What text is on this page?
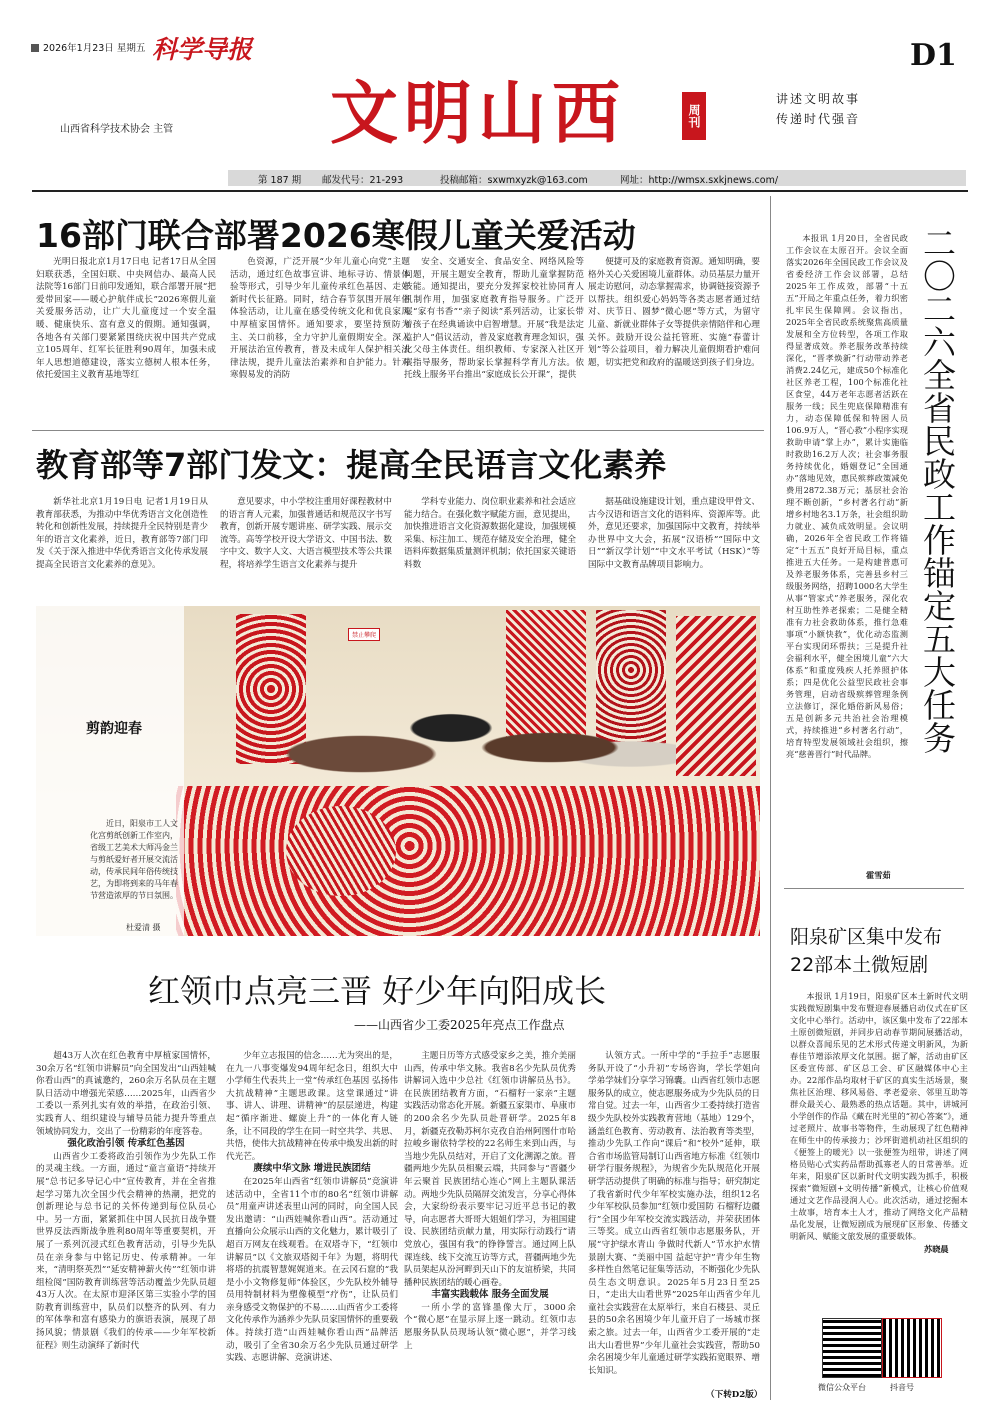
2026年1月23日 星期五 科学导报
山西省科学技术协会 主管 文明山西	周刊
D1
讲述文明故事
传递时代强音
第 187 期 邮发代号：21-293	投稿邮箱：sxwmxyzk@163.com	网址：http://wmsx.sxkjnews.com/
16部门联合部署2026寒假儿童关爱活动

光明日报北京1月17日电 记者17日从全国妇联获悉，全国妇联、中央网信办、最高人民法院等16部门日前印发通知，联合部署开展“把爱带回家——暖心护航伴成长”2026寒假儿童关爱服务活动，让广大儿童度过一个安全温暖、健康快乐、富有意义的假期。通知强调，各地各有关部门要紧紧围绕庆祝中国共产党成立105周年、红军长征胜利90周年，加强未成年人思想道德建设，落实立德树人根本任务，依托爱国主义教育基地等红

色资源，广泛开展“少年儿童心向党”主题活动，通过红色故事宣讲、地标寻访、情景体验等形式，引导少年儿童传承红色基因、走好新时代长征路。同时，结合春节氛围开展年俗体验活动，让儿童在感受传统文化和优良家风中厚植家国情怀。通知要求，要坚持预防为主、关口前移，全力守护儿童假期安全。深入开展法治宣传教育，普及未成年人保护相关法律法规，提升儿童法治素养和自护能力。针对寒假易发的消防

安全、交通安全、食品安全、网络风险等问题，开展主题安全教育，帮助儿童掌握防范技能。通知提出，要充分发挥家校社协同育人机制作用，加强家庭教育指导服务。广泛开展“家有书香”“亲子阅读”系列活动，让家长带着孩子在经典诵读中启智增慧。开展“我是法定监护人”倡议活动，普及家庭教育理念知识，强化父母主体责任。组织教师、专家深入社区开展指导服务，帮助家长掌握科学育儿方法。依托线上服务平台推出“家庭成长公开课”，提供

便捷可及的家庭教育资源。通知明确，要格外关心关爱困境儿童群体。动员基层力量开展走访慰问，动态掌握需求，协调链接资源予以帮扶。组织爱心妈妈等各类志愿者通过结对、庆节日、圆梦“微心愿”等方式，为留守儿童、新就业群体子女等提供亲情陪伴和心理关怀。鼓励开设公益托管班、实施“春蕾计划”等公益项目，着力解决儿童假期看护难问题，切实把党和政府的温暖送到孩子们身边。

教育部等7部门发文：提高全民语言文化素养

新华社北京1月19日电 记者1月19日从教育部获悉，为推动中华优秀语言文化创造性转化和创新性发展，持续提升全民特别是青少年的语言文化素养，近日，教育部等7部门印发《关于深入推进中华优秀语言文化传承发展 提高全民语言文化素养的意见》。

意见要求，中小学校注重用好课程教材中的语言育人元素，加强普通话和规范汉字书写教育，创新开展专题讲座、研学实践、展示交流等。高等学校开设大学语文、中国书法、数字中文、数字人文、大语言模型技术等公共课程，将培养学生语言文化素养与提升

学科专业能力、岗位职业素养和社会适应能力结合。在强化数字赋能方面，意见提出，加快推进语言文化资源数据化建设，加强规模采集、标注加工、规范存储及安全治理，健全语料库数据集质量测评机制；依托国家关键语料数

据基础设施建设计划，重点建设甲骨文、古今汉语和语言文化的语料库、资源库等。此外，意见还要求，加强国际中文教育，持续举办世界中文大会，拓展“汉语桥”“国际中文日”“新汉学计划”“中文水平考试（HSK）”等国际中文教育品牌项目影响力。

禁止攀爬
剪韵迎春
近日，阳泉市工人文化宫剪纸创新工作室内，省级工艺美术大师冯金兰与剪纸爱好者开展交流活动，传承民间年俗传统技艺，为即将到来的马年春节营造浓厚的节日氛围。
杜爱清 摄
红领巾点亮三晋 好少年向阳成长
——山西省少工委2025年亮点工作盘点

超43万人次在红色教育中厚植家国情怀，30余万名“红领巾讲解员”向全国发出“山西娃喊你看山西”的真诚邀约，260余万名队员在主题队日活动中增强光荣感……2025年，山西省少工委以一系列扎实有效的举措，在政治引领、实践育人、组织建设与辅导员能力提升等重点领域协同发力，交出了一份精彩的年度答卷。

强化政治引领 传承红色基因

山西省少工委将政治引领作为少先队工作的灵魂主线。一方面，通过“童言童语”持续开展“总书记多导记心中”宣传教育，并在全省推起学习第九次全国少代会精神的热潮，把党的创新理论与总书记的关怀传递到每位队员心中。另一方面，紧紧抓住中国人民抗日战争暨世界反法西斯战争胜利80周年等重要契机，开展了一系列沉浸式红色教育活动，引导少先队员在亲身参与中铭记历史、传承精神。一年来，“清明祭英烈”“延安精神薪火传”“红领巾讲组检阅”国防教育训练营等活动覆盖少先队员超43万人次。在太原市迎泽区第三实验小学的国防教育训练营中，队员们以整齐的队列、有力的军体拳和富有感染力的旗语表演，展现了昂扬风貌；情景剧《我们的传承——少年军校新征程》则生动演绎了新时代

少年立志报国的信念……尤为突出的是，在九一八事变爆发94周年纪念日，组织大中小学师生代表共上一堂“传承红色基因 弘扬伟大抗战精神”主题思政课。这堂课通过“讲事、讲人、讲理、讲精神”的层层递进，构建起“循序渐进、螺旋上升”的一体化育人链条，让不同段的学生在同一时空共学、共思、共悟，使伟大抗战精神在传承中焕发出新的时代光芒。

赓续中华文脉 增进民族团结

在2025年山西省“红领巾讲解员”竞演讲述活动中，全省11个市的80名“红领巾讲解员”用童声讲述表里山河的同时，向全国人民发出邀请：“山西娃喊你看山西”。活动通过直播向公众展示山西的文化魅力，累计吸引了超百万网友在线观看。在双塔寺下，“红领巾讲解员”以《文旅双塔阅千年》为题，将明代将塔的抗震智慧娓娓道来。在云冈石窟的“我是小小文物修复师”体验区，少先队校外辅导员用特制材料为塑像模型“疗伤”，让队员们亲身感受文物保护的不易……山西省少工委将文化传承作为涵养少先队员家国情怀的重要载体。持续打造“山西娃喊你看山西”品牌活动，吸引了全省30余万名少先队员通过研学实践、志愿讲解、竞演讲述、

主题日历等方式感受家乡之美，推介美丽山西，传承中华文脉。我省8名少先队员优秀讲解词入选中少总社《红领巾讲解员丛书》。在民族团结教育方面，“石榴籽一家亲”主题实践活动常态化开展。新疆五家渠市、阜康市的200余名少先队员赴晋研学。2025年8月，新疆克孜勒苏柯尔克孜自治州阿图什市哈拉峻乡谢依特学校的22名师生来到山西，与当地少先队员结对，开启了文化溯源之旅。晋疆两地少先队员相聚云端，共同参与“晋疆少年云聚首 民族团结心连心”网上主题队课活动。两地少先队员隔屏交流发言，分享心得体会，大家纷纷表示要牢记习近平总书记的教导，向志愿者大哥哥大姐姐们学习，为祖国建设、民族团结贡献力量，用实际行动践行“请党放心，强国有我”的铮铮誓言。通过网上队课连线、线下交流互访等方式，晋疆两地少先队员架起从汾河畔到天山下的友谊桥梁，共同播种民族团结的暖心画卷。

丰富实践载体 服务全面发展

一所小学的富锋墨像大厅，3000余个“微心愿”在显示屏上逐一跳动。红领巾志愿服务队队员现场认领“微心愿”，并学习线上

认领方式。一所中学的“手拉手”志愿服务队开设了“小升初”专场咨询，学长学姐向学弟学妹们分享学习锦囊。山西省红领巾志愿服务队的成立，使志愿服务成为少先队员的日常自觉。过去一年，山西省少工委持续打造省级少先队校外实践教育营地（基地）129个，涵盖红色教育、劳动教育、法治教育等类型，推动少先队工作向“课后”和“校外”延伸，联合省市场监管局制订山西省地方标准《红领巾研学行服务规程》，为规省少先队规范化开展研学活动提供了明确的标准与指导；研究制定了我省新时代少年军校实施办法，组织12名少年军校队员参加“红领巾爱国防 石榴籽边疆行”全国少年军校交流实践活动，并荣获团体三等奖。成立山西省红领巾志愿服务队，开展“守护绿水青山 争做时代新人”节水护水情景剧大赛、“美丽中国 益起守护”青少年生物多样性自然笔记征集等活动，不断强化少先队员生态文明意识。2025年5月23日至25日，“走出大山看世界”2025年山西省少年儿童社会实践营在太原举行，来自石楼县、灵丘县的50余名困境少年儿童开启了一场城市探索之旅。过去一年，山西省少工委开展的“走出大山看世界”少年儿童社会实践营，帮助50余名困境少年儿童通过研学实践拓宽眼界、增长知识。

（下转D2版）

本报讯 1月20日，全省民政工作会议在太原召开。会议全面落实2026年全国民政工作会议及省委经济工作会议部署，总结2025年工作成效，部署“十五五”开局之年重点任务，着力织密扎牢民生保障网。会议指出，2025年全省民政系统聚焦高质量发展和全方位转型，各项工作取得显著成效。养老服务改革持续深化，“晋孝焕新”行动带动养老消费2.24亿元，建成50个标准化社区养老工程，100个标准化社区食堂，44万老年志愿者活跃在服务一线；民生兜底保障精准有力，动态保障低保和特困人员106.9万人，“晋心救”小程序实现救助申请“掌上办”，累计实施临时救助16.2万人次；社会事务服务持续优化，婚姻登记“全国通办”落地见效，惠民殡葬政策减免费用2872.38万元；基层社会治理不断创新，“乡村著名行动”新增乡村地名3.1万条，社会组织助力就业、减负成效明显。会议明确，2026年全省民政工作将锚定“十五五”良好开局目标，重点推进五大任务。一是构建普惠可及养老服务体系，完善县乡村三级服务网络，招聘1000名大学生从事“管家式”养老服务，深化农村互助性养老探索；二是健全精准有力社会救助体系，推行急难事项“小额快救”，优化动态监测平台实现闭环帮扶；三是提升社会福利水平，健全困境儿童“六大体系”和重度残疾人托养照护体系；四是优化公益型民政社会事务管理，启动省级殡葬管理条例立法修订，深化婚俗新风易俗；五是创新多元共治社会治理模式，持续推进“乡村著名行动”，培育特型发展领域社会组织，擦亮“慈善晋行”时代品牌。

霍雪茹
二〇二六全省民政工作锚定五大任务
阳泉矿区集中发布
22部本土微短剧

本报讯 1月19日，阳泉矿区本土新时代文明实践微短剧集中发布暨迎春展播启动仪式在矿区文化中心举行。活动中，该区集中发布了22部本土原创微短剧，并同步启动春节期间展播活动，以群众喜闻乐见的艺术形式传递文明新风，为新春佳节增添浓厚文化氛围。据了解，活动由矿区区委宣传部、矿区总工会、矿区融媒体中心主办。22部作品均取材于矿区的真实生活场景，聚焦社区治理、移风易俗、孝老爱亲、邻里互助等群众最关心、最熟悉的热点话题。其中，讲城河小学创作的作品《藏在时光里的“初心答案”》，通过老照片、故事书等物件，生动展现了红色精神在师生中的传承接力；沙坪街道机动社区组织的《便签上的暖光》以一张便签为纽带，讲述了网格员贴心式实药品帮助孤寡老人的日常善举。近年来，阳泉矿区以新时代文明实践为抓手，积极探索“微短剧+文明传播”新模式，让核心价值观通过文艺作品浸润人心。此次活动，通过挖掘本土故事，培育本土人才，推动了网络文化产品精品化发展，让微短剧成为展现矿区形象、传播文明新风、赋能文旅发展的重要载体。

苏晓晨
微信公众平台	抖音号
